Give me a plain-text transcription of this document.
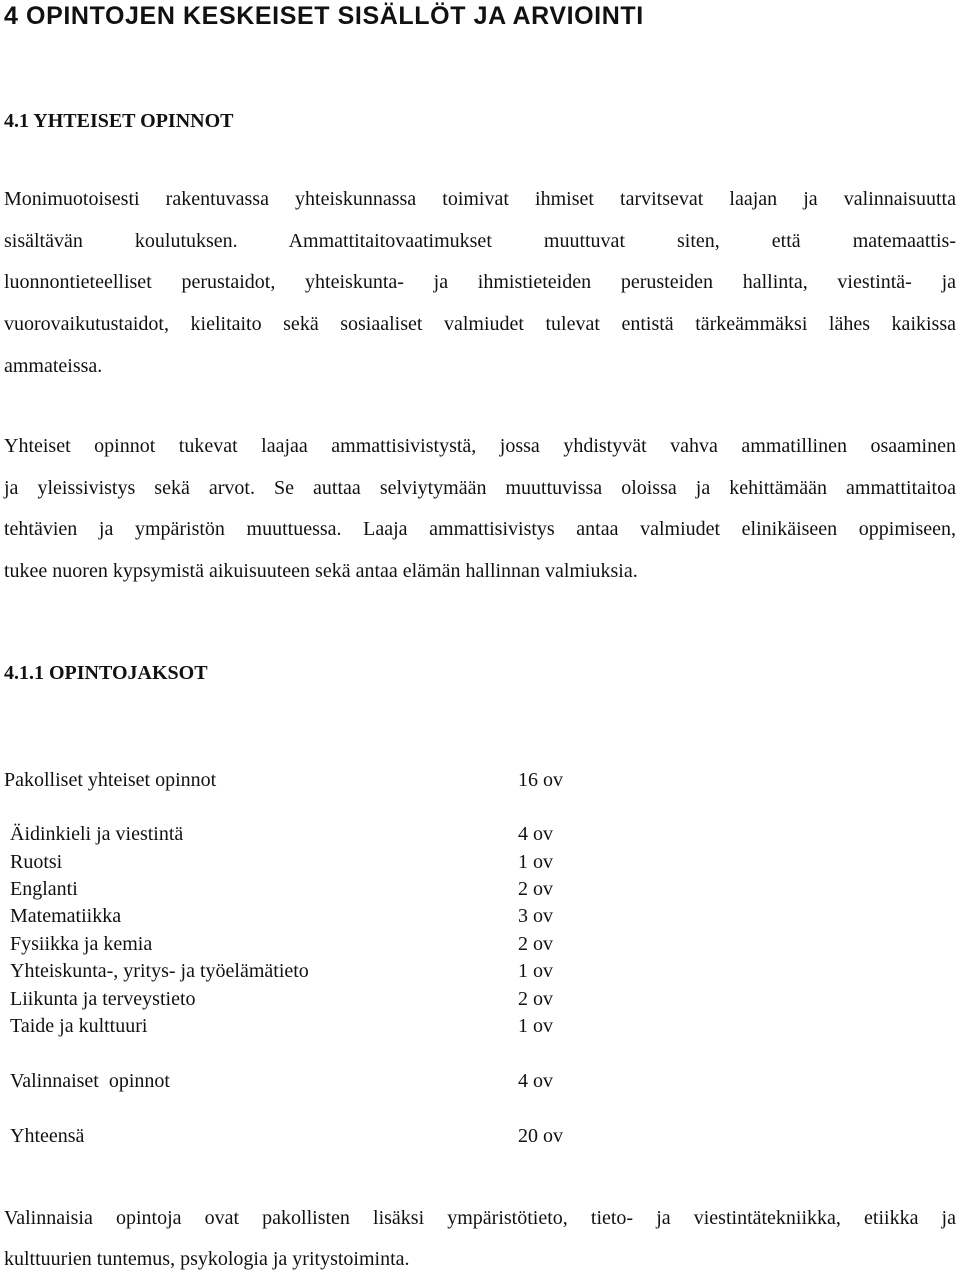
4 OPINTOJEN KESKEISET SISÄLLÖT JA ARVIOINTI
4.1 YHTEISET OPINNOT
Monimuotoisesti rakentuvassa yhteiskunnassa toimivat ihmiset tarvitsevat laajan ja valinnaisuutta
sisältävän koulutuksen. Ammattitaitovaatimukset muuttuvat siten, että matemaattis-
luonnontieteelliset perustaidot, yhteiskunta- ja ihmistieteiden perusteiden hallinta, viestintä- ja
vuorovaikutustaidot, kielitaito sekä sosiaaliset valmiudet tulevat entistä tärkeämmäksi lähes kaikissa
ammateissa.
Yhteiset opinnot tukevat laajaa ammattisivistystä, jossa yhdistyvät vahva ammatillinen osaaminen
ja yleissivistys sekä arvot. Se auttaa selviytymään muuttuvissa oloissa ja kehittämään ammattitaitoa
tehtävien ja ympäristön muuttuessa. Laaja ammattisivistys antaa valmiudet elinikäiseen oppimiseen,
tukee nuoren kypsymistä aikuisuuteen sekä antaa elämän hallinnan valmiuksia.
4.1.1 OPINTOJAKSOT
Pakolliset yhteiset opinnot	16 ov
Äidinkieli ja viestintä	4 ov
Ruotsi	1 ov
Englanti	2 ov
Matematiikka	3 ov
Fysiikka ja kemia	2 ov
Yhteiskunta-, yritys- ja työelämätieto	1 ov
Liikunta ja terveystieto	2 ov
Taide ja kulttuuri	1 ov
Valinnaiset  opinnot	4 ov
Yhteensä	20 ov
Valinnaisia opintoja ovat pakollisten lisäksi ympäristötieto, tieto- ja viestintätekniikka, etiikka ja
kulttuurien tuntemus, psykologia ja yritystoiminta.
